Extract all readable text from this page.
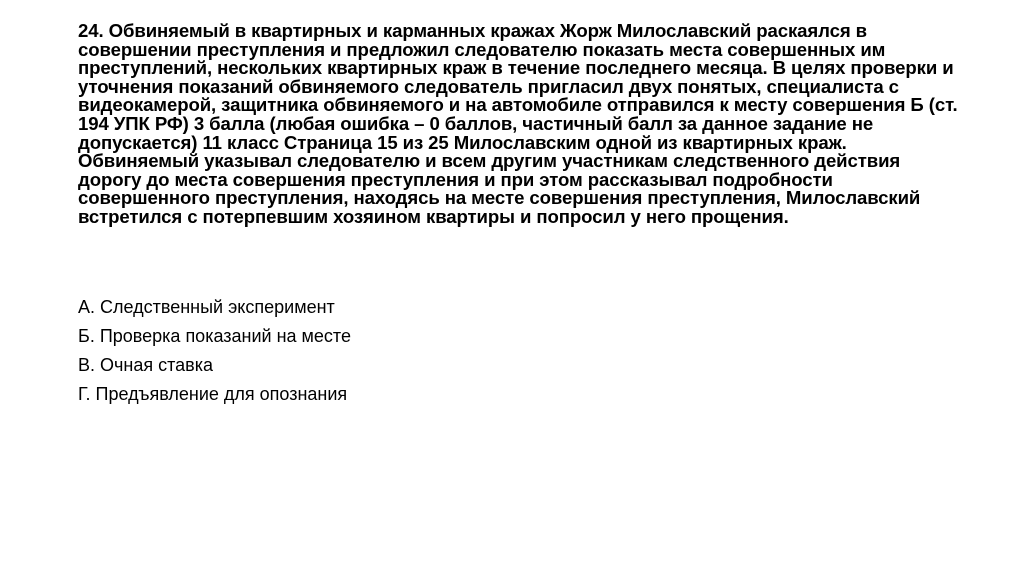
24. Обвиняемый в квартирных и карманных кражах Жорж Милославский раскаялся в совершении преступления и предложил следователю показать места совершенных им преступлений, нескольких квартирных краж в течение последнего месяца. В целях проверки и уточнения показаний обвиняемого следователь пригласил двух понятых, специалиста с видеокамерой, защитника обвиняемого и на автомобиле отправился к месту совершения Б (ст. 194 УПК РФ) 3 балла (любая ошибка – 0 баллов, частичный балл за данное задание не допускается) 11 класс Страница 15 из 25 Милославским одной из квартирных краж. Обвиняемый указывал следователю и всем другим участникам следственного действия дорогу до места совершения преступления и при этом рассказывал подробности совершенного преступления, находясь на месте совершения преступления, Милославский встретился с потерпевшим хозяином квартиры и попросил у него прощения.

А. Следственный эксперимент
Б. Проверка показаний на месте
В. Очная ставка
Г. Предъявление для опознания
